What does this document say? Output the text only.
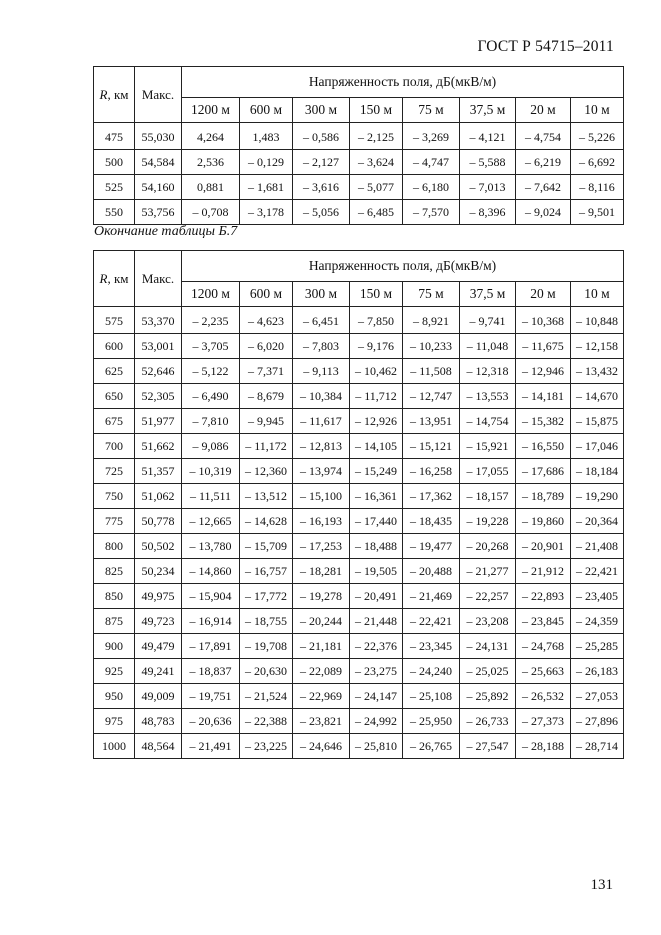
ГОСТ Р 54715–2011
R, км	Макс.	Напряженность поля, дБ(мкВ/м)							
		1200 м	600 м	300 м	150 м	75 м	37,5 м	20 м	10 м
475	55,030	4,264	1,483	– 0,586	– 2,125	– 3,269	– 4,121	– 4,754	– 5,226
500	54,584	2,536	– 0,129	– 2,127	– 3,624	– 4,747	– 5,588	– 6,219	– 6,692
525	54,160	0,881	– 1,681	– 3,616	– 5,077	– 6,180	– 7,013	– 7,642	– 8,116
550	53,756	– 0,708	– 3,178	– 5,056	– 6,485	– 7,570	– 8,396	– 9,024	– 9,501
Окончание таблицы Б.7
R, км	Макс.	Напряженность поля, дБ(мкВ/м)							
		1200 м	600 м	300 м	150 м	75 м	37,5 м	20 м	10 м
575	53,370	– 2,235	– 4,623	– 6,451	– 7,850	– 8,921	– 9,741	– 10,368	– 10,848
600	53,001	– 3,705	– 6,020	– 7,803	– 9,176	– 10,233	– 11,048	– 11,675	– 12,158
625	52,646	– 5,122	– 7,371	– 9,113	– 10,462	– 11,508	– 12,318	– 12,946	– 13,432
650	52,305	– 6,490	– 8,679	– 10,384	– 11,712	– 12,747	– 13,553	– 14,181	– 14,670
675	51,977	– 7,810	– 9,945	– 11,617	– 12,926	– 13,951	– 14,754	– 15,382	– 15,875
700	51,662	– 9,086	– 11,172	– 12,813	– 14,105	– 15,121	– 15,921	– 16,550	– 17,046
725	51,357	– 10,319	– 12,360	– 13,974	– 15,249	– 16,258	– 17,055	– 17,686	– 18,184
750	51,062	– 11,511	– 13,512	– 15,100	– 16,361	– 17,362	– 18,157	– 18,789	– 19,290
775	50,778	– 12,665	– 14,628	– 16,193	– 17,440	– 18,435	– 19,228	– 19,860	– 20,364
800	50,502	– 13,780	– 15,709	– 17,253	– 18,488	– 19,477	– 20,268	– 20,901	– 21,408
825	50,234	– 14,860	– 16,757	– 18,281	– 19,505	– 20,488	– 21,277	– 21,912	– 22,421
850	49,975	– 15,904	– 17,772	– 19,278	– 20,491	– 21,469	– 22,257	– 22,893	– 23,405
875	49,723	– 16,914	– 18,755	– 20,244	– 21,448	– 22,421	– 23,208	– 23,845	– 24,359
900	49,479	– 17,891	– 19,708	– 21,181	– 22,376	– 23,345	– 24,131	– 24,768	– 25,285
925	49,241	– 18,837	– 20,630	– 22,089	– 23,275	– 24,240	– 25,025	– 25,663	– 26,183
950	49,009	– 19,751	– 21,524	– 22,969	– 24,147	– 25,108	– 25,892	– 26,532	– 27,053
975	48,783	– 20,636	– 22,388	– 23,821	– 24,992	– 25,950	– 26,733	– 27,373	– 27,896
1000	48,564	– 21,491	– 23,225	– 24,646	– 25,810	– 26,765	– 27,547	– 28,188	– 28,714
131
